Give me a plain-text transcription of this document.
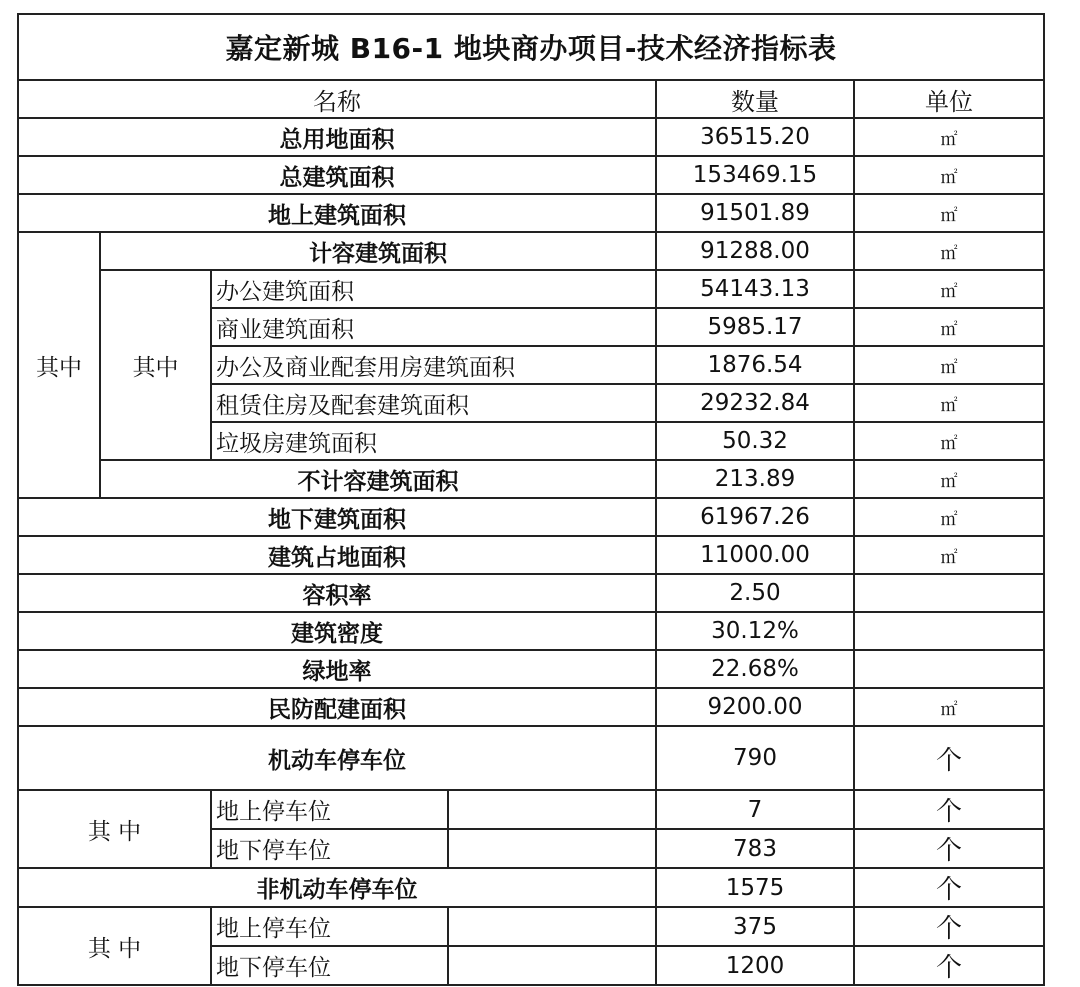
嘉定新城 B16-1 地块商办项目-技术经济指标表					
名称				数量	单位
总用地面积				36515.20	㎡
总建筑面积				153469.15	㎡
地上建筑面积				91501.89	㎡
其中	计容建筑面积			91288.00	㎡
	其中	办公建筑面积		54143.13	㎡
		商业建筑面积		5985.17	㎡
		办公及商业配套用房建筑面积		1876.54	㎡
		租赁住房及配套建筑面积		29232.84	㎡
		垃圾房建筑面积		50.32	㎡
	不计容建筑面积			213.89	㎡
地下建筑面积				61967.26	㎡
建筑占地面积				11000.00	㎡
容积率				2.50	
建筑密度				30.12%	
绿地率				22.68%	
民防配建面积				9200.00	㎡
机动车停车位				790	个
其 中		地上停车位		7	个
		地下停车位		783	个
非机动车停车位				1575	个
其 中		地上停车位		375	个
		地下停车位		1200	个
